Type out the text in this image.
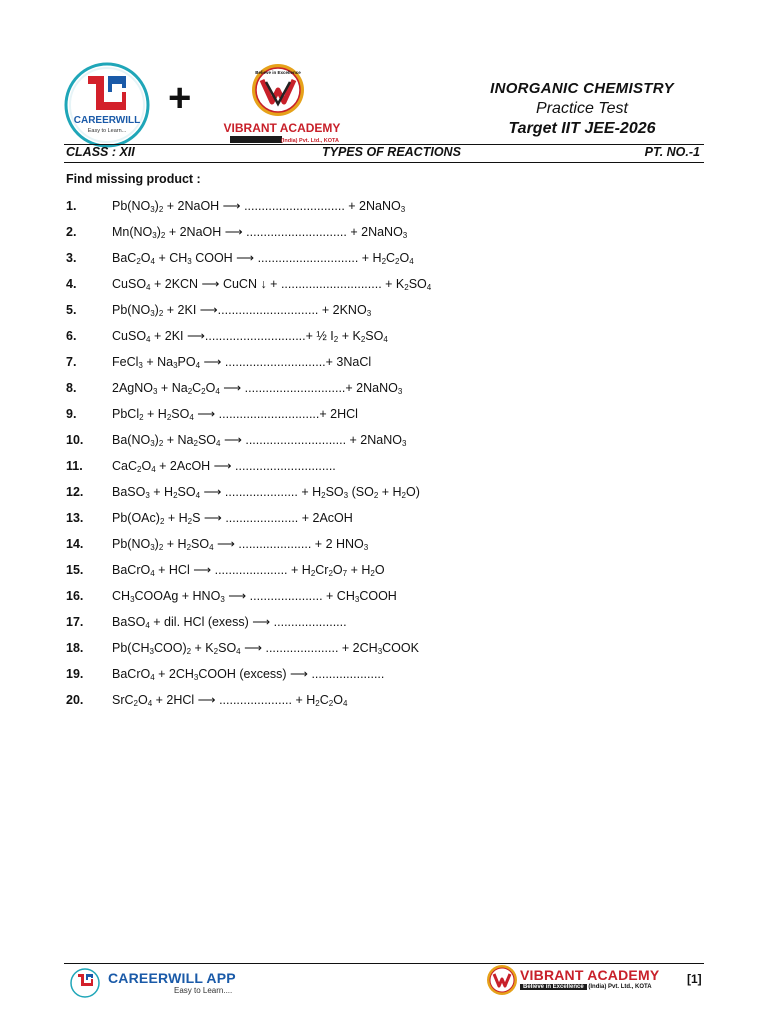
CAREERWILL
Easy to Learn...
+
Believe in Excellence
VIBRANT ACADEMY
(India) Pvt. Ltd., KOTA
INORGANIC CHEMISTRY
Practice Test
Target IIT JEE-2026
CLASS : XII	TYPES OF REACTIONS	PT. NO.-1
Find missing product :
1.	$Pb(NO_3)_2$ + 2NaOH ⟶ ............................. + 2NaNO$_3$
2.	$Mn(NO_3)_2$ + 2NaOH ⟶ ............................. + 2NaNO$_3$
3.	$BaC_2O_4 + CH_3$ COOH ⟶ ............................. + $H_2C_2O_4$
4.	CuSO$_4$ + 2KCN ⟶ CuCN ↓ + ............................. + $K_2SO_4$
5.	$Pb(NO_3)_2 + 2KI$ ⟶............................. + $2KNO_3$
6.	CuSO$_4$ + 2KI ⟶.............................+ ½ $I_2 + K_2SO_4$
7.	FeCl$_3$ + $Na_3PO_4$ ⟶ .............................+ 3NaCl
8.	2AgNO$_3$ + $Na_2C_2O_4$ ⟶ .............................+ 2NaNO$_3$
9.	PbCl$_2$ + $H_2SO_4$ ⟶ .............................+ 2HCl
10.	$Ba(NO_3)_2 + Na_2SO_4$ ⟶ ............................. + 2NaNO$_3$
11.	$CaC_2O_4$ + 2AcOH ⟶ .............................
12.	BaSO$_3$ + $H_2SO_4$ ⟶ ..................... + $H_2SO_3$ $(SO_2 + H_2O)$
13.	$Pb(OAc)_2 + H_2S$ ⟶ ..................... + 2AcOH
14.	$Pb(NO_3)_2 + H_2SO_4$ ⟶ ..................... + 2 $HNO_3$
15.	BaCrO$_4$ + HCl ⟶ ..................... + $H_2Cr_2O_7 + H_2O$
16.	$CH_3COOAg + HNO_3$ ⟶ ..................... + $CH_3COOH$
17.	BaSO$_4$ + dil. HCl (exess) ⟶ .....................
18.	$Pb(CH_3COO)_2 + K_2SO_4$ ⟶ ..................... + $2CH_3COOK$
19.	BaCrO$_4$ + $2CH_3COOH$ (excess) ⟶ .....................
20.	$SrC_2O_4 + 2HCl$ ⟶ ..................... + $H_2C_2O_4$
CAREERWILL APP
Easy to Learn....
VIBRANT ACADEMY
Believe in Excellence (India) Pvt. Ltd., KOTA
[1]
